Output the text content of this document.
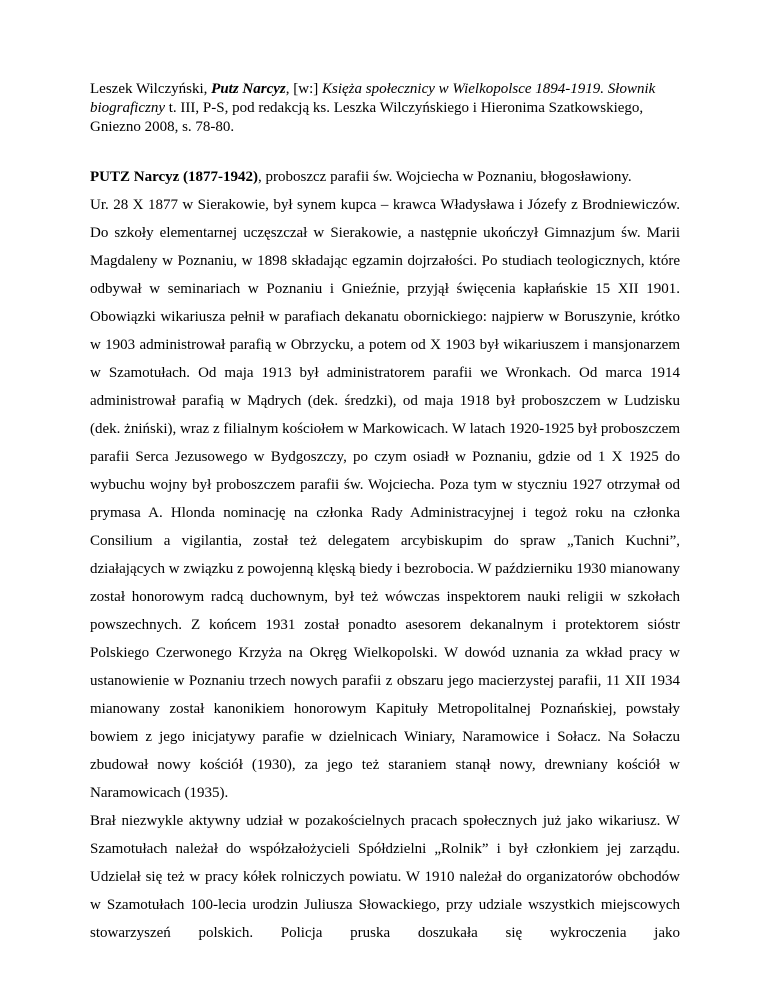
Leszek Wilczyński, Putz Narcyz, [w:] Księża społecznicy w Wielkopolsce 1894-1919. Słownik biograficzny t. III, P-S, pod redakcją ks. Leszka Wilczyńskiego i Hieronima Szatkowskiego, Gniezno 2008, s. 78-80.

PUTZ Narcyz (1877-1942), proboszcz parafii św. Wojciecha w Poznaniu, błogosławiony.

Ur. 28 X 1877 w Sierakowie, był synem kupca – krawca Władysława i Józefy z Brodniewiczów. Do szkoły elementarnej uczęszczał w Sierakowie, a następnie ukończył Gimnazjum św. Marii Magdaleny w Poznaniu, w 1898 składając egzamin dojrzałości. Po studiach teologicznych, które odbywał w seminariach w Poznaniu i Gnieźnie, przyjął święcenia kapłańskie 15 XII 1901. Obowiązki wikariusza pełnił w parafiach dekanatu obornickiego: najpierw w Boruszynie, krótko w 1903 administrował parafią w Obrzycku, a potem od X 1903 był wikariuszem i mansjonarzem w Szamotułach. Od maja 1913 był administratorem parafii we Wronkach. Od marca 1914 administrował parafią w Mądrych (dek. średzki), od maja 1918 był proboszczem w Ludzisku (dek. żniński), wraz z filialnym kościołem w Markowicach. W latach 1920-1925 był proboszczem parafii Serca Jezusowego w Bydgoszczy, po czym osiadł w Poznaniu, gdzie od 1 X 1925 do wybuchu wojny był proboszczem parafii św. Wojciecha. Poza tym w styczniu 1927 otrzymał od prymasa A. Hlonda nominację na członka Rady Administracyjnej i tegoż roku na członka Consilium a vigilantia, został też delegatem arcybiskupim do spraw „Tanich Kuchni”, działających w związku z powojenną klęską biedy i bezrobocia. W październiku 1930 mianowany został honorowym radcą duchownym, był też wówczas inspektorem nauki religii w szkołach powszechnych. Z końcem 1931 został ponadto asesorem dekanalnym i protektorem sióstr Polskiego Czerwonego Krzyża na Okręg Wielkopolski. W dowód uznania za wkład pracy w ustanowienie w Poznaniu trzech nowych parafii z obszaru jego macierzystej parafii, 11 XII 1934 mianowany został kanonikiem honorowym Kapituły Metropolitalnej Poznańskiej, powstały bowiem z jego inicjatywy parafie w dzielnicach Winiary, Naramowice i Sołacz. Na Sołaczu zbudował nowy kościół (1930), za jego też staraniem stanął nowy, drewniany kościół w Naramowicach (1935).

Brał niezwykle aktywny udział w pozakościelnych pracach społecznych już jako wikariusz. W Szamotułach należał do współzałożycieli Spółdzielni „Rolnik” i był członkiem jej zarządu. Udzielał się też w pracy kółek rolniczych powiatu. W 1910 należał do organizatorów obchodów w Szamotułach 100-lecia urodzin Juliusza Słowackiego, przy udziale wszystkich miejscowych stowarzyszeń polskich. Policja pruska doszukała się wykroczenia jako
